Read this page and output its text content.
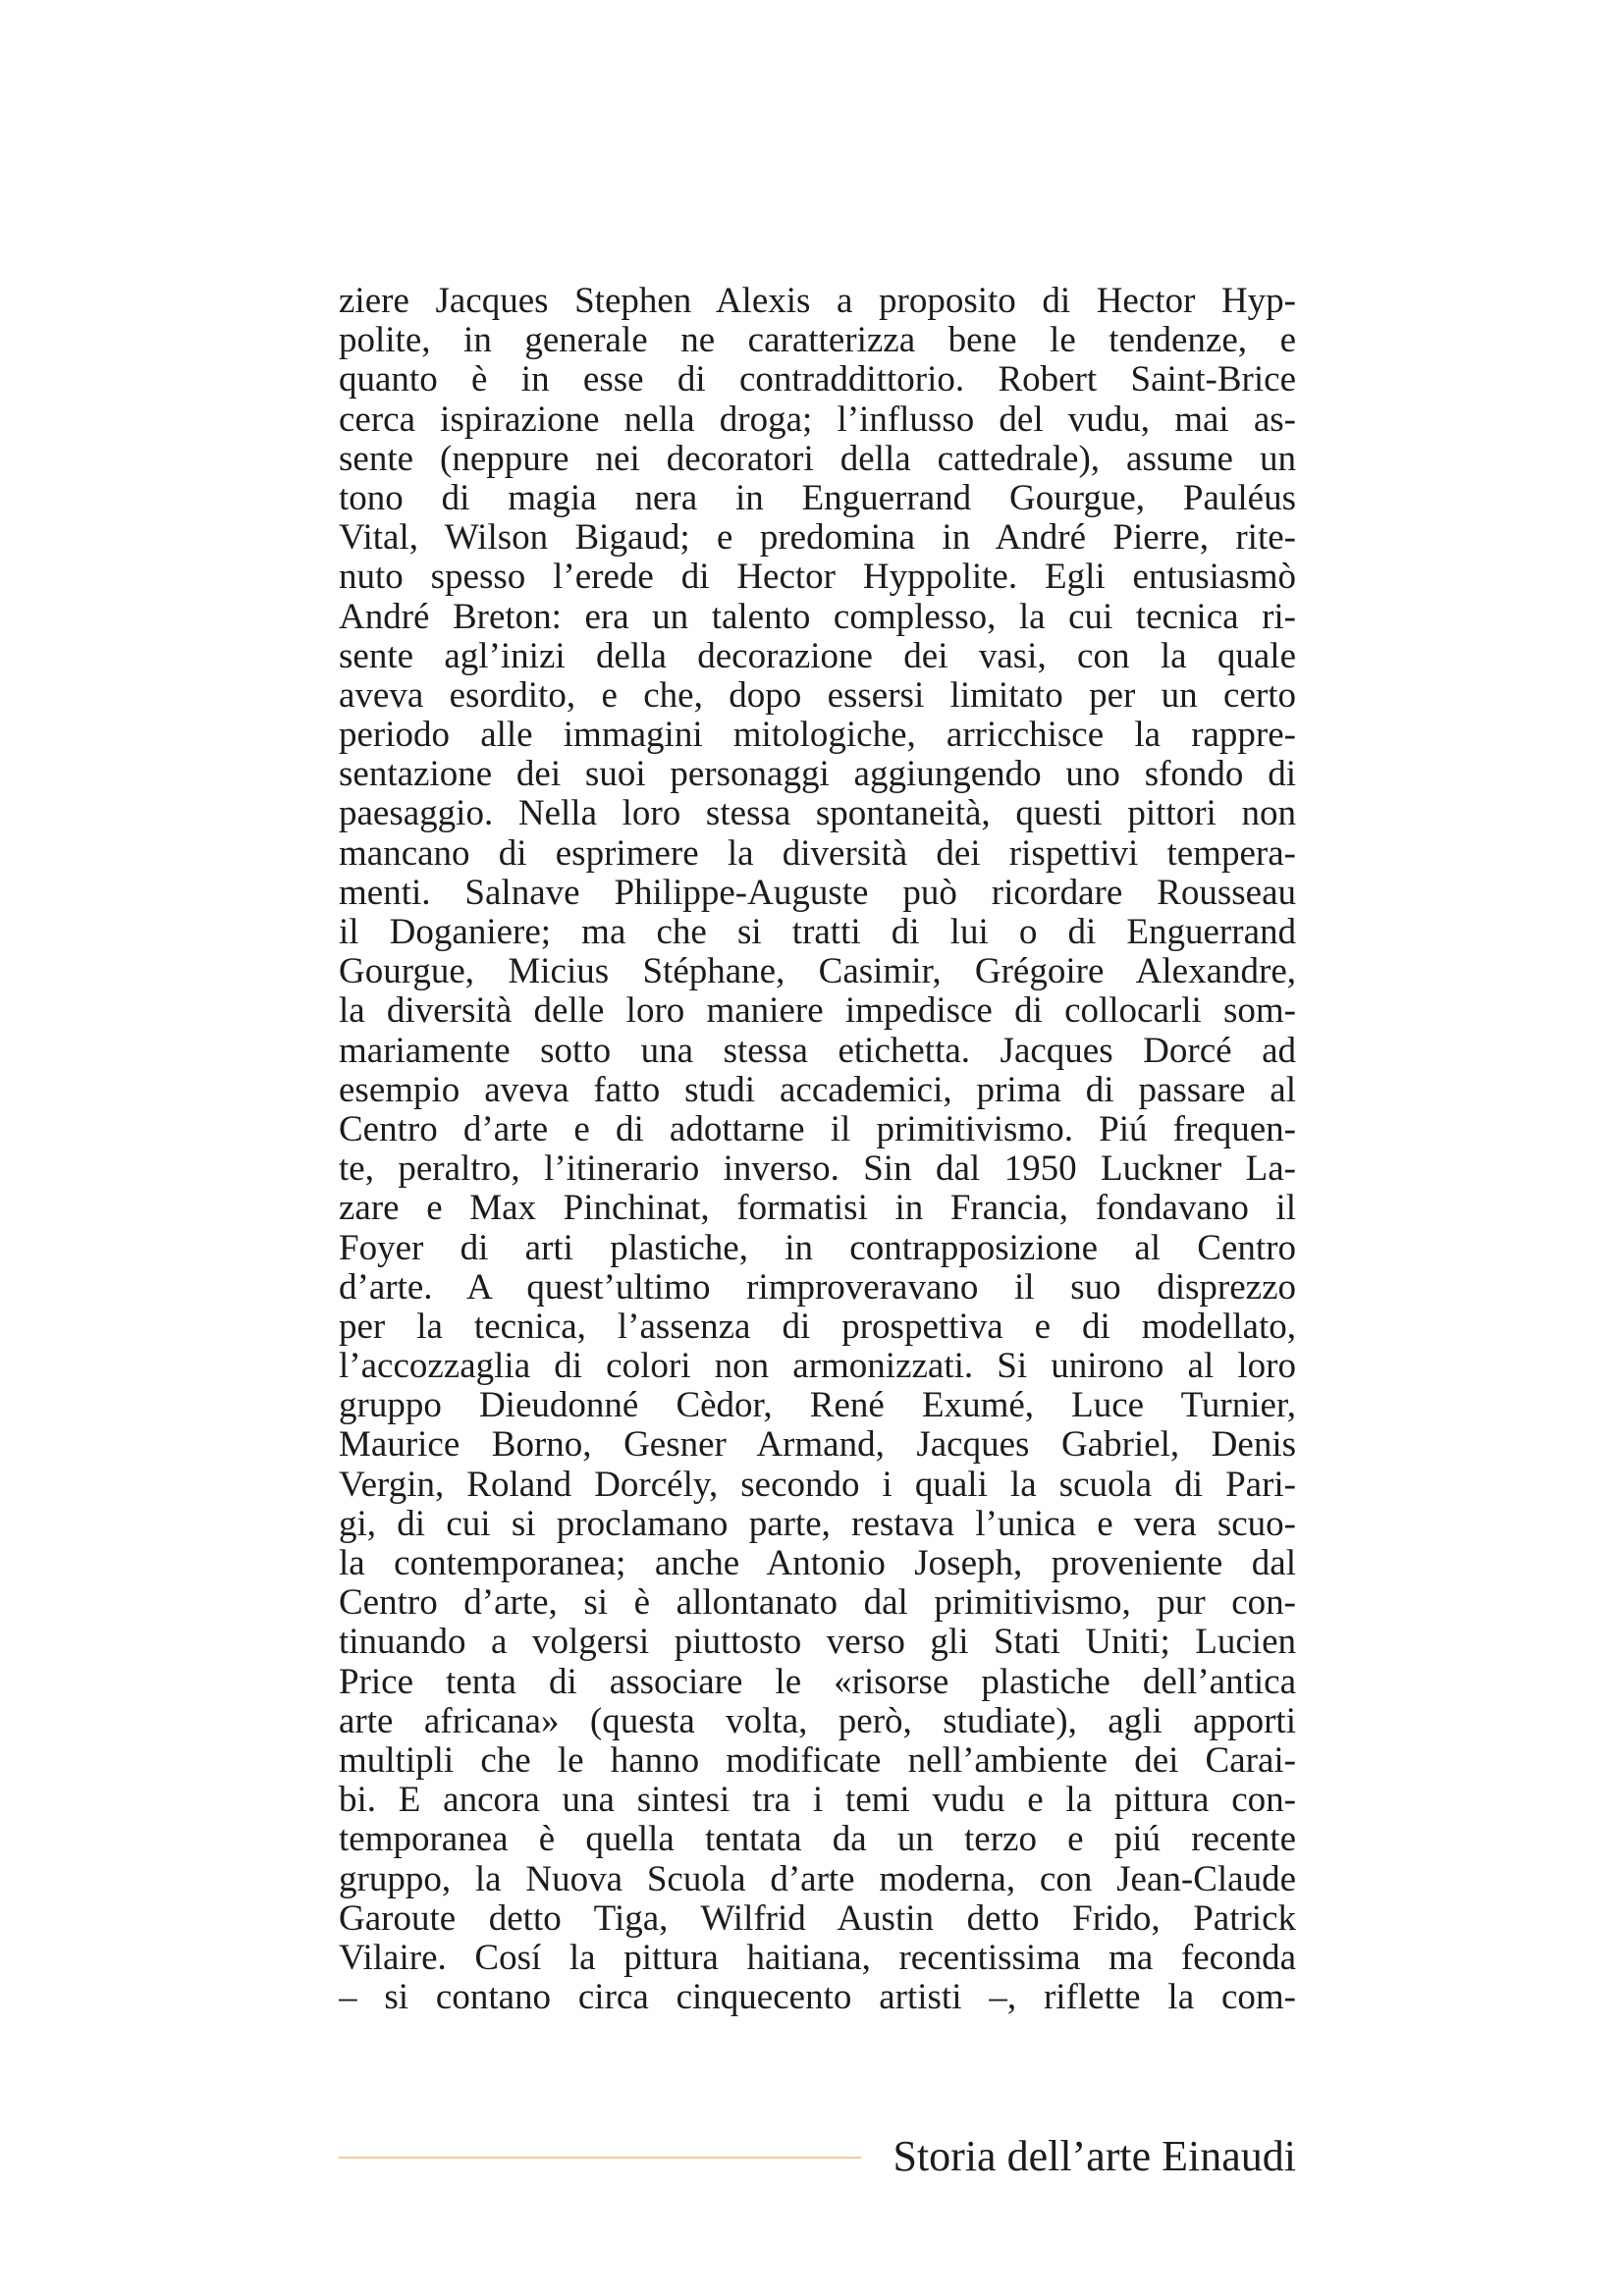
ziere Jacques Stephen Alexis a proposito di Hector Hyp-
polite, in generale ne caratterizza bene le tendenze, e
quanto è in esse di contraddittorio. Robert Saint-Brice
cerca ispirazione nella droga; l’influsso del vudu, mai as-
sente (neppure nei decoratori della cattedrale), assume un
tono di magia nera in Enguerrand Gourgue, Pauléus
Vital, Wilson Bigaud; e predomina in André Pierre, rite-
nuto spesso l’erede di Hector Hyppolite. Egli entusiasmò
André Breton: era un talento complesso, la cui tecnica ri-
sente agl’inizi della decorazione dei vasi, con la quale
aveva esordito, e che, dopo essersi limitato per un certo
periodo alle immagini mitologiche, arricchisce la rappre-
sentazione dei suoi personaggi aggiungendo uno sfondo di
paesaggio. Nella loro stessa spontaneità, questi pittori non
mancano di esprimere la diversità dei rispettivi tempera-
menti. Salnave Philippe-Auguste può ricordare Rousseau
il Doganiere; ma che si tratti di lui o di Enguerrand
Gourgue, Micius Stéphane, Casimir, Grégoire Alexandre,
la diversità delle loro maniere impedisce di collocarli som-
mariamente sotto una stessa etichetta. Jacques Dorcé ad
esempio aveva fatto studi accademici, prima di passare al
Centro d’arte e di adottarne il primitivismo. Piú frequen-
te, peraltro, l’itinerario inverso. Sin dal 1950 Luckner La-
zare e Max Pinchinat, formatisi in Francia, fondavano il
Foyer di arti plastiche, in contrapposizione al Centro
d’arte. A quest’ultimo rimproveravano il suo disprezzo
per la tecnica, l’assenza di prospettiva e di modellato,
l’accozzaglia di colori non armonizzati. Si unirono al loro
gruppo Dieudonné Cèdor, René Exumé, Luce Turnier,
Maurice Borno, Gesner Armand, Jacques Gabriel, Denis
Vergin, Roland Dorcély, secondo i quali la scuola di Pari-
gi, di cui si proclamano parte, restava l’unica e vera scuo-
la contemporanea; anche Antonio Joseph, proveniente dal
Centro d’arte, si è allontanato dal primitivismo, pur con-
tinuando a volgersi piuttosto verso gli Stati Uniti; Lucien
Price tenta di associare le «risorse plastiche dell’antica
arte africana» (questa volta, però, studiate), agli apporti
multipli che le hanno modificate nell’ambiente dei Carai-
bi. E ancora una sintesi tra i temi vudu e la pittura con-
temporanea è quella tentata da un terzo e piú recente
gruppo, la Nuova Scuola d’arte moderna, con Jean-Claude
Garoute detto Tiga, Wilfrid Austin detto Frido, Patrick
Vilaire. Cosí la pittura haitiana, recentissima ma feconda
– si contano circa cinquecento artisti –, riflette la com-
Storia dell’arte Einaudi
